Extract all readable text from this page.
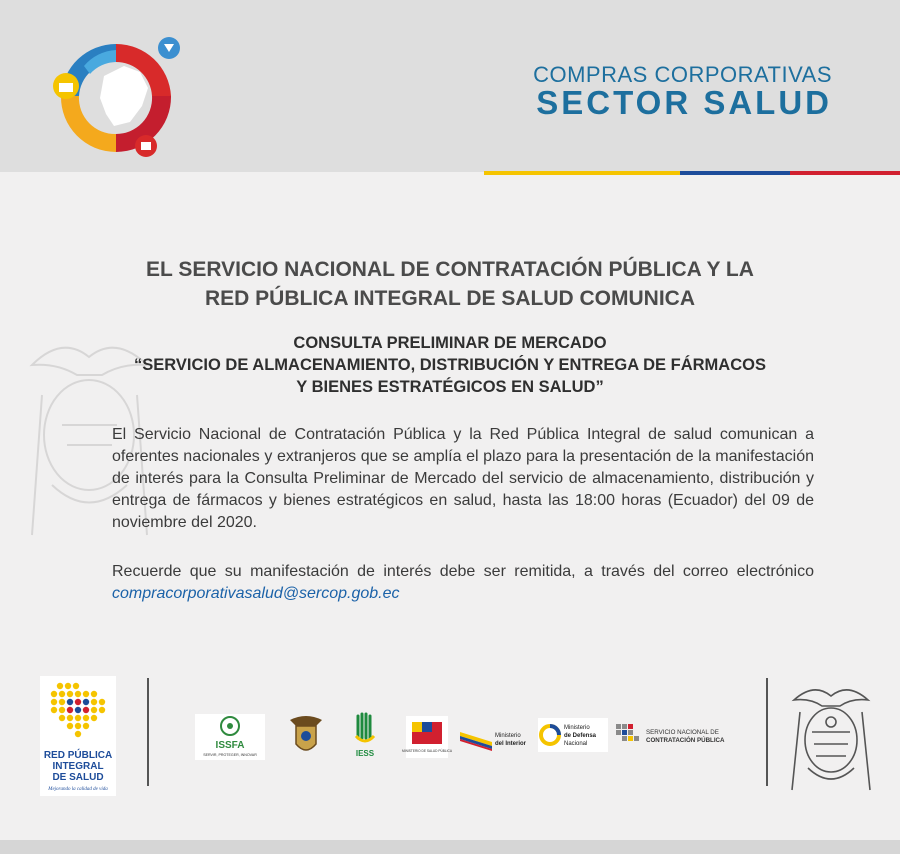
COMPRAS CORPORATIVAS
SECTOR SALUD
EL SERVICIO NACIONAL DE CONTRATACIÓN PÚBLICA Y LA
RED PÚBLICA INTEGRAL DE SALUD COMUNICA
CONSULTA PRELIMINAR DE MERCADO
“SERVICIO DE ALMACENAMIENTO, DISTRIBUCIÓN Y ENTREGA DE FÁRMACOS
Y BIENES ESTRATÉGICOS EN SALUD”

El Servicio Nacional de Contratación Pública y la Red Pública Integral de salud comunican a oferentes nacionales y extranjeros que se amplía el plazo para la presentación de la manifestación de interés para la Consulta Preliminar de Mercado del servicio de almacenamiento, distribución y entrega de fármacos y bienes estratégicos en salud, hasta las 18:00 horas (Ecuador) del 09 de noviembre del 2020.

Recuerde que su manifestación de interés debe ser remitida, a través del correo electrónico compracorporativasalud@sercop.gob.ec

RED PÚBLICA
INTEGRAL
DE SALUD
Mejorando la calidad de vida
ISSFA
SERVIR, PROTEGER, INNOVAR	IESS	MINISTERIO DE SALUD PÚBLICA
Ministerio
del Interior
Ministerio
de Defensa
Nacional
SERVICIO NACIONAL DE
CONTRATACIÓN PÚBLICA
